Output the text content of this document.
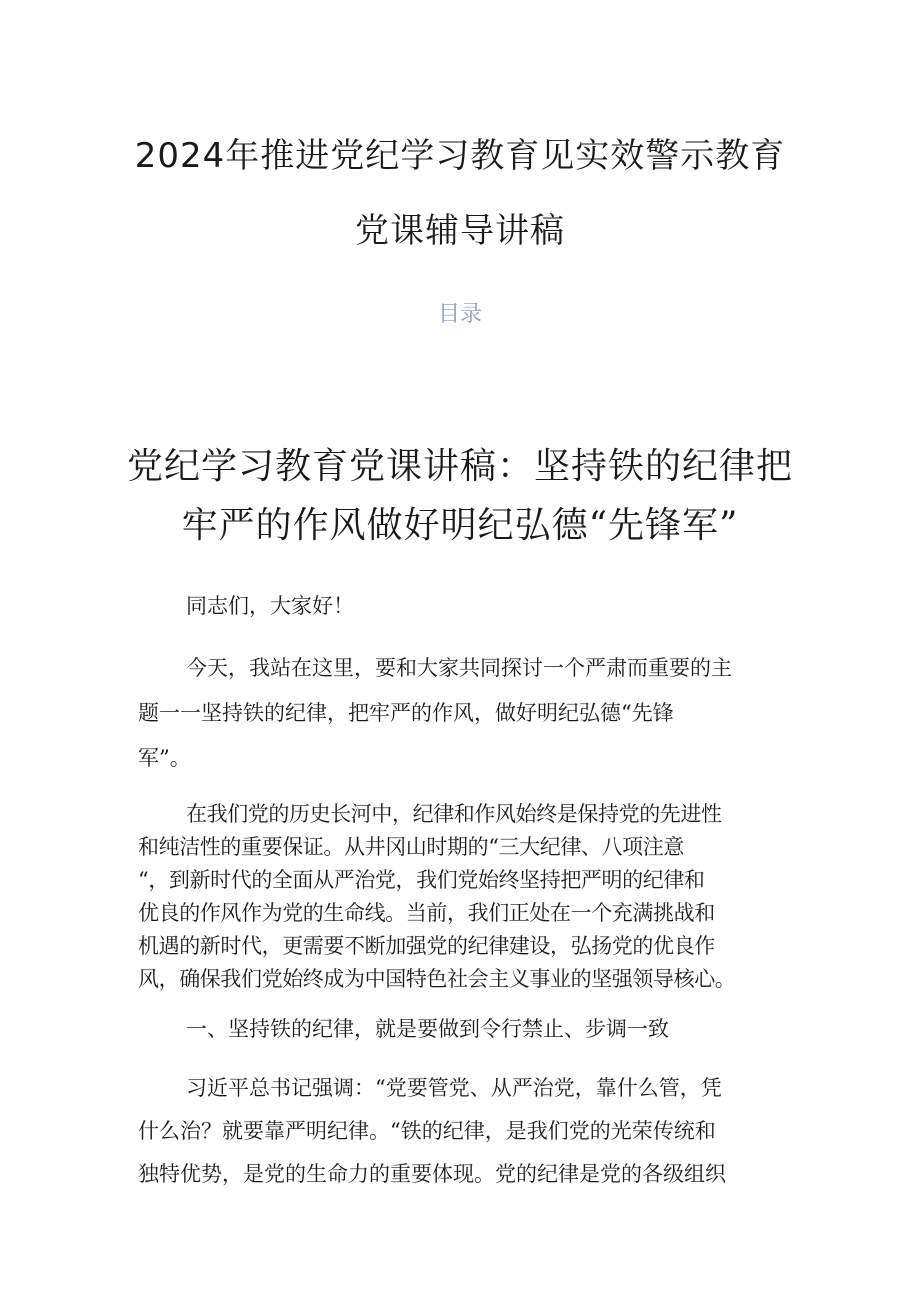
2024年推进党纪学习教育见实效警示教育
党课辅导讲稿
目录
党纪学习教育党课讲稿：坚持铁的纪律把
牢严的作风做好明纪弘德“先锋军”
同志们，大家好！
今天，我站在这里，要和大家共同探讨一个严肃而重要的主
题一一坚持铁的纪律，把牢严的作风，做好明纪弘德“先锋
军”。
在我们党的历史长河中，纪律和作风始终是保持党的先进性
和纯洁性的重要保证。从井冈山时期的“三大纪律、八项注意
“，到新时代的全面从严治党，我们党始终坚持把严明的纪律和
优良的作风作为党的生命线。当前，我们正处在一个充满挑战和
机遇的新时代，更需要不断加强党的纪律建设，弘扬党的优良作
风，确保我们党始终成为中国特色社会主义事业的坚强领导核心。
一、坚持铁的纪律，就是要做到令行禁止、步调一致
习近平总书记强调：“党要管党、从严治党，靠什么管，凭
什么治？就要靠严明纪律。“铁的纪律，是我们党的光荣传统和
独特优势，是党的生命力的重要体现。党的纪律是党的各级组织
